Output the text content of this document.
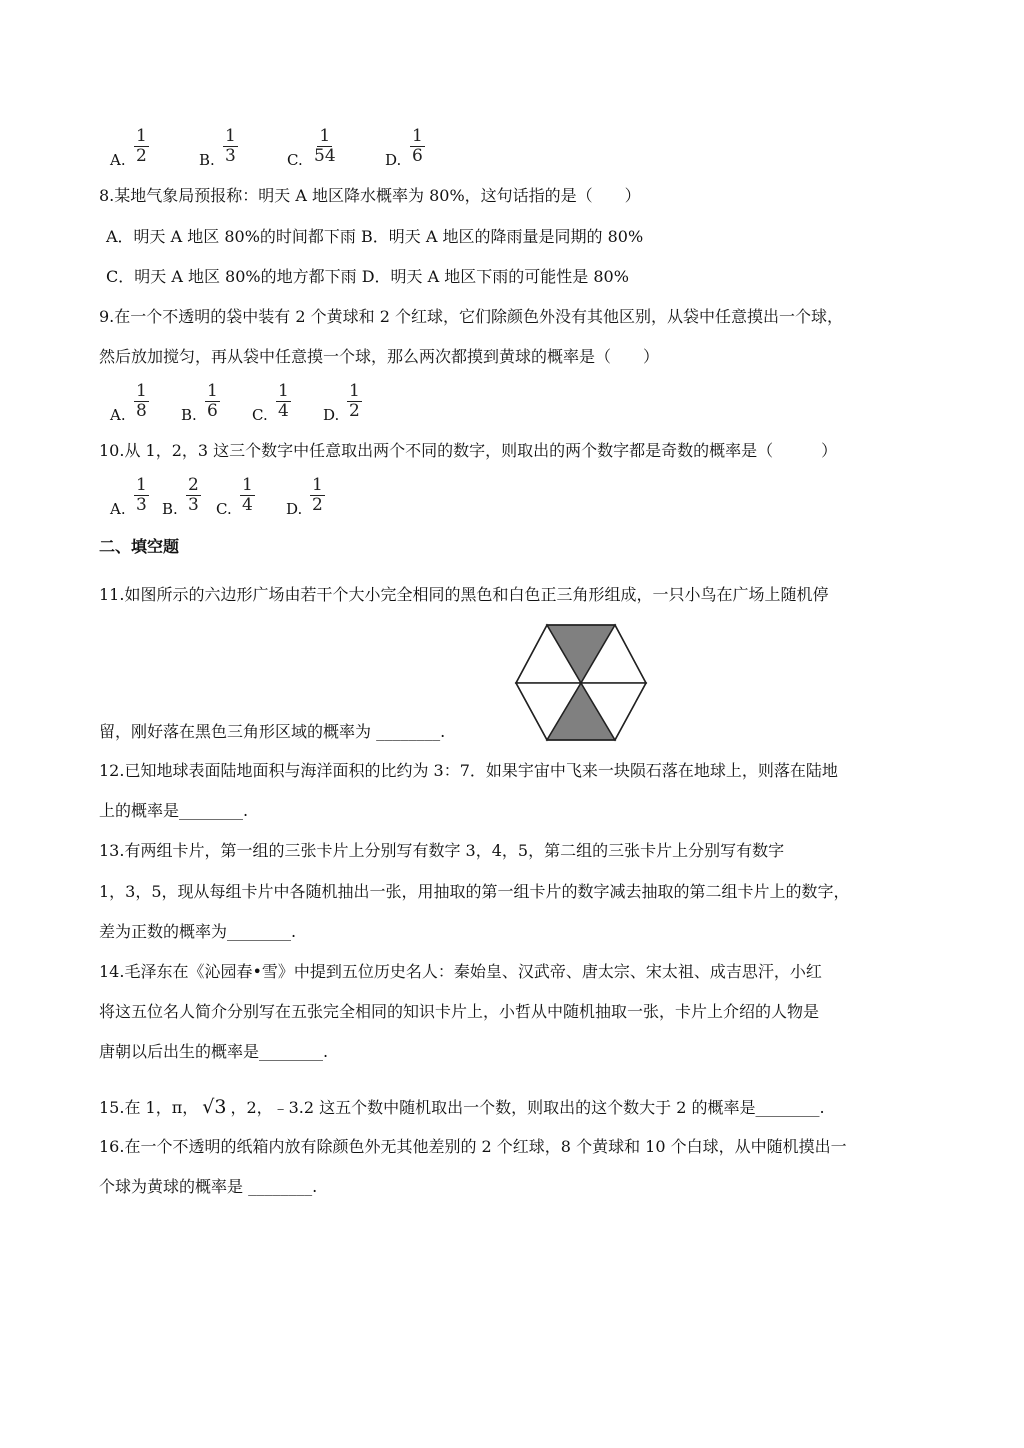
A. $\frac{1}{2}$	B. $\frac{1}{3}$	C. $\frac{1}{54}$	D. $\frac{1}{6}$
8.某地气象局预报称：明天 A 地区降水概率为 80%，这句话指的是（　　）
A．明天 A 地区 80%的时间都下雨 B．明天 A 地区的降雨量是同期的 80%
C．明天 A 地区 80%的地方都下雨 D．明天 A 地区下雨的可能性是 80%
9.在一个不透明的袋中装有 2 个黄球和 2 个红球，它们除颜色外没有其他区别，从袋中任意摸出一个球，
然后放加搅匀，再从袋中任意摸一个球，那么两次都摸到黄球的概率是（　　）
A. $\frac{1}{8} B$. $\frac{1}{6} C$. $\frac{1}{4} D$. $\frac{1}{2}$
10.从 1，2，3 这三个数字中任意取出两个不同的数字，则取出的两个数字都是奇数的概率是（　　　）
A. $\frac{1}{3} B$. $\frac{2}{3} C$. $\frac{1}{4} D$. $\frac{1}{2}$
二、填空题
11.如图所示的六边形广场由若干个大小完全相同的黑色和白色正三角形组成，一只小鸟在广场上随机停
留，刚好落在黑色三角形区域的概率为 ________.
12.已知地球表面陆地面积与海洋面积的比约为 3：7．如果宇宙中飞来一块陨石落在地球上，则落在陆地
上的概率是________.
13.有两组卡片，第一组的三张卡片上分别写有数字 3，4，5，第二组的三张卡片上分别写有数字
1，3，5，现从每组卡片中各随机抽出一张，用抽取的第一组卡片的数字减去抽取的第二组卡片上的数字，
差为正数的概率为________.
14.毛泽东在《沁园春•雪》中提到五位历史名人：秦始皇、汉武帝、唐太宗、宋太祖、成吉思汗，小红
将这五位名人简介分别写在五张完全相同的知识卡片上，小哲从中随机抽取一张，卡片上介绍的人物是
唐朝以后出生的概率是________.
15.在 1，π， √3 ，2，﹣3.2 这五个数中随机取出一个数，则取出的这个数大于 2 的概率是________.
16.在一个不透明的纸箱内放有除颜色外无其他差别的 2 个红球，8 个黄球和 10 个白球，从中随机摸出一
个球为黄球的概率是 ________.
